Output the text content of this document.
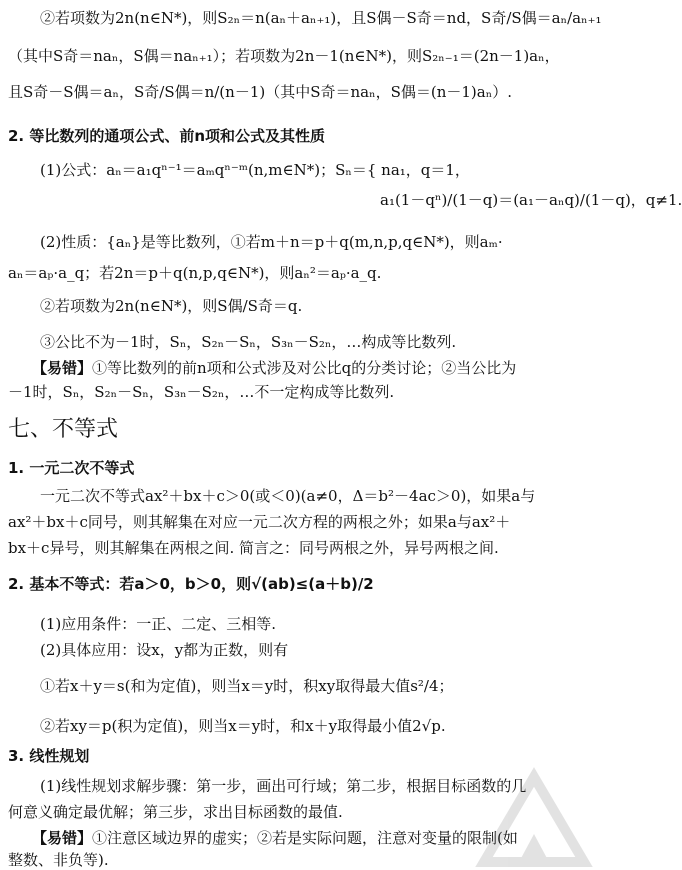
②若项数为2n(n∈N*)，则S₂ₙ＝n(aₙ＋aₙ₊₁)，且S偶－S奇＝nd，S奇/S偶＝aₙ/aₙ₊₁
（其中S奇＝naₙ，S偶＝naₙ₊₁）；若项数为2n－1(n∈N*)，则S₂ₙ₋₁＝(2n－1)aₙ，
且S奇－S偶＝aₙ，S奇/S偶＝n/(n－1)（其中S奇＝naₙ，S偶＝(n－1)aₙ）.
2. 等比数列的通项公式、前n项和公式及其性质
(1)公式：aₙ＝a₁qⁿ⁻¹＝aₘqⁿ⁻ᵐ(n,m∈N*)；Sₙ＝{ na₁，q＝1，
a₁(1－qⁿ)/(1－q)＝(a₁－aₙq)/(1－q)，q≠1.
(2)性质：{aₙ}是等比数列，①若m＋n＝p＋q(m,n,p,q∈N*)，则aₘ·
aₙ＝aₚ·a_q；若2n＝p＋q(n,p,q∈N*)，则aₙ²＝aₚ·a_q.
②若项数为2n(n∈N*)，则S偶/S奇＝q.
③公比不为－1时，Sₙ，S₂ₙ－Sₙ，S₃ₙ－S₂ₙ，…构成等比数列.
【易错】①等比数列的前n项和公式涉及对公比q的分类讨论；②当公比为
－1时，Sₙ，S₂ₙ－Sₙ，S₃ₙ－S₂ₙ，…不一定构成等比数列.
七、不等式
1. 一元二次不等式
一元二次不等式ax²＋bx＋c＞0(或＜0)(a≠0，Δ＝b²－4ac＞0)，如果a与
ax²＋bx＋c同号，则其解集在对应一元二次方程的两根之外；如果a与ax²＋
bx＋c异号，则其解集在两根之间. 简言之：同号两根之外，异号两根之间.
2. 基本不等式：若a＞0，b＞0，则√(ab)≤(a＋b)/2
(1)应用条件：一正、二定、三相等.
(2)具体应用：设x，y都为正数，则有
①若x＋y＝s(和为定值)，则当x＝y时，积xy取得最大值s²/4；
②若xy＝p(积为定值)，则当x＝y时，和x＋y取得最小值2√p.
3. 线性规划
(1)线性规划求解步骤：第一步，画出可行域；第二步，根据目标函数的几
何意义确定最优解；第三步，求出目标函数的最值.
【易错】①注意区域边界的虚实；②若是实际问题，注意对变量的限制(如
整数、非负等).
